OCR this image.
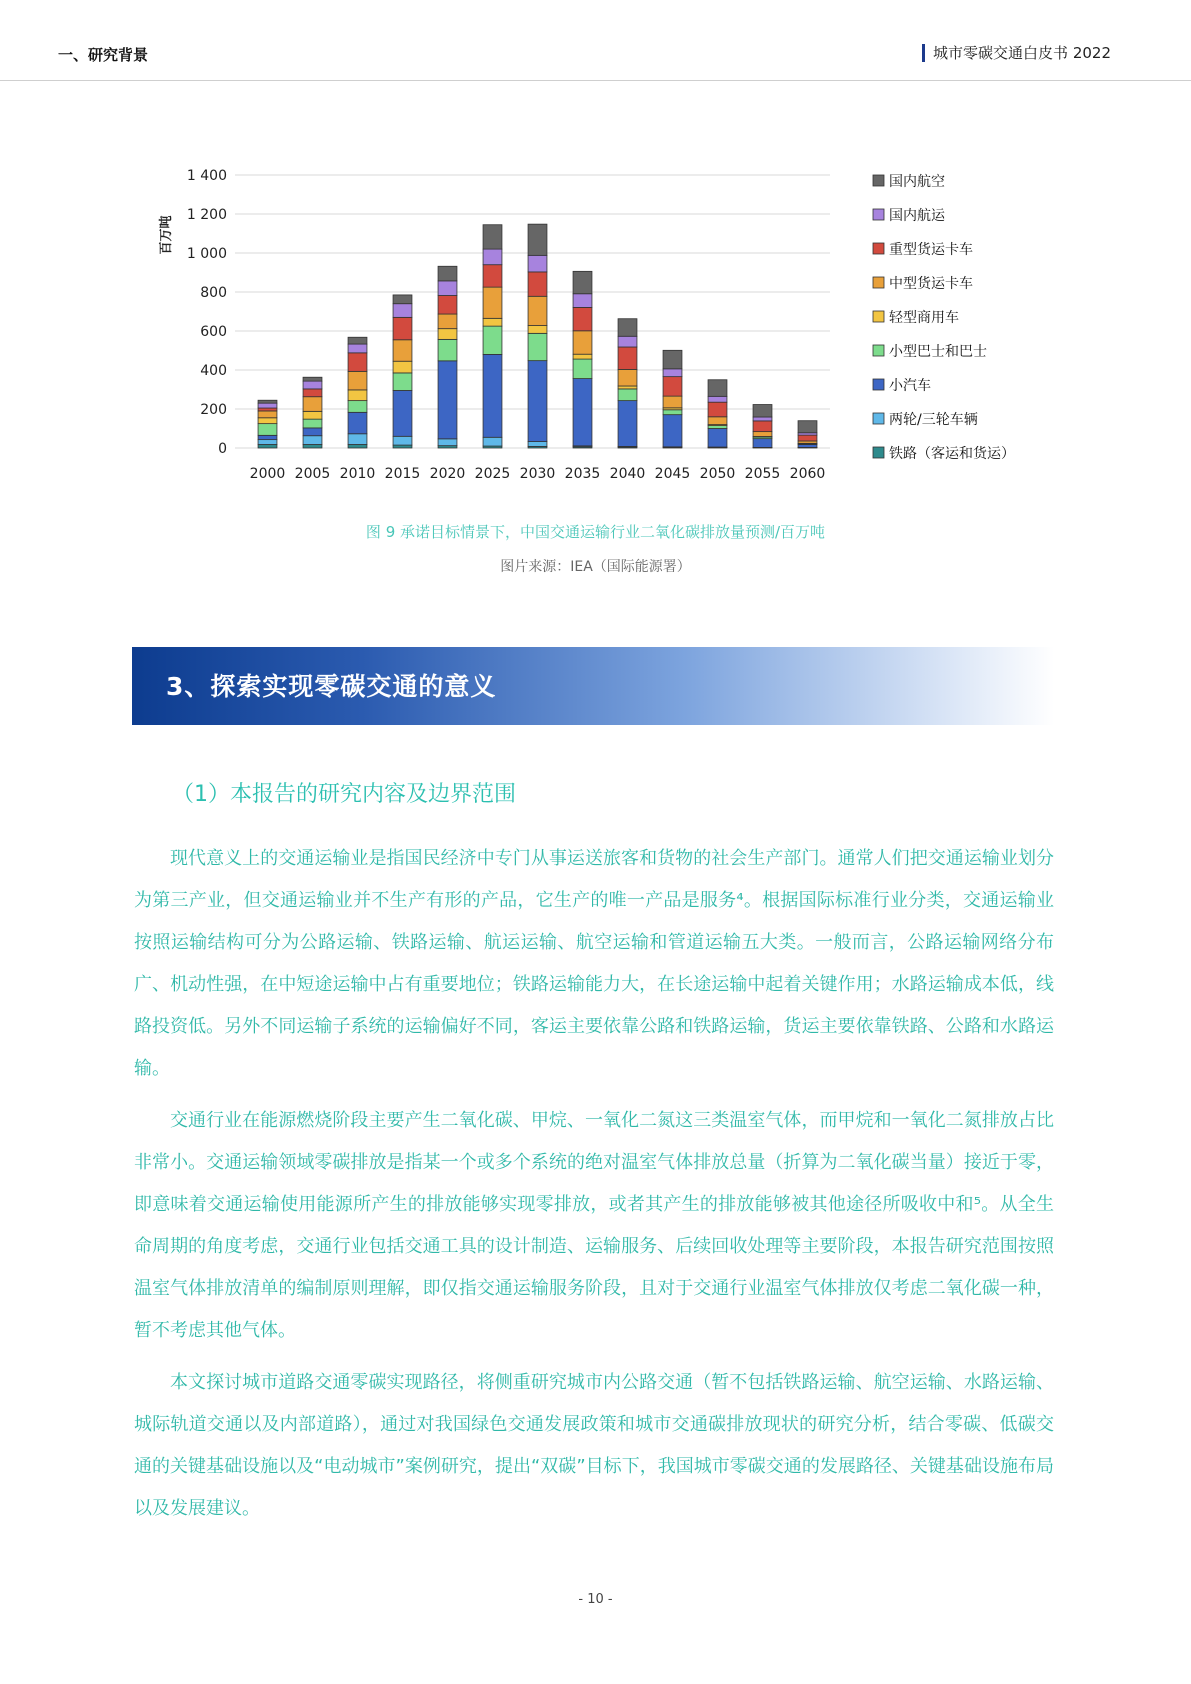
一、研究背景	城市零碳交通白皮书 2022
0
200
400
600
800
1 000
1 200
1 400
百万吨
2000 2005 2010 2015 2020 2025 2030 2035 2040 2045 2050 2055 2060
国内航空
国内航运
重型货运卡车
中型货运卡车
轻型商用车
小型巴士和巴士
小汽车
两轮/三轮车辆
铁路（客运和货运）
图 9 承诺目标情景下，中国交通运输行业二氧化碳排放量预测/百万吨
图片来源：IEA（国际能源署）
3、探索实现零碳交通的意义
（1）本报告的研究内容及边界范围

现代意义上的交通运输业是指国民经济中专门从事运送旅客和货物的社会生产部门。通常人们把交通运输业划分为第三产业，但交通运输业并不生产有形的产品，它生产的唯一产品是服务⁴。根据国际标准行业分类，交通运输业按照运输结构可分为公路运输、铁路运输、航运运输、航空运输和管道运输五大类。一般而言，公路运输网络分布广、机动性强，在中短途运输中占有重要地位；铁路运输能力大，在长途运输中起着关键作用；水路运输成本低，线路投资低。另外不同运输子系统的运输偏好不同，客运主要依靠公路和铁路运输，货运主要依靠铁路、公路和水路运输。

交通行业在能源燃烧阶段主要产生二氧化碳、甲烷、一氧化二氮这三类温室气体，而甲烷和一氧化二氮排放占比非常小。交通运输领域零碳排放是指某一个或多个系统的绝对温室气体排放总量（折算为二氧化碳当量）接近于零，即意味着交通运输使用能源所产生的排放能够实现零排放，或者其产生的排放能够被其他途径所吸收中和⁵。从全生命周期的角度考虑，交通行业包括交通工具的设计制造、运输服务、后续回收处理等主要阶段，本报告研究范围按照温室气体排放清单的编制原则理解，即仅指交通运输服务阶段，且对于交通行业温室气体排放仅考虑二氧化碳一种，暂不考虑其他气体。

本文探讨城市道路交通零碳实现路径，将侧重研究城市内公路交通（暂不包括铁路运输、航空运输、水路运输、城际轨道交通以及内部道路），通过对我国绿色交通发展政策和城市交通碳排放现状的研究分析，结合零碳、低碳交通的关键基础设施以及“电动城市”案例研究，提出“双碳”目标下，我国城市零碳交通的发展路径、关键基础设施布局以及发展建议。

- 10 -
